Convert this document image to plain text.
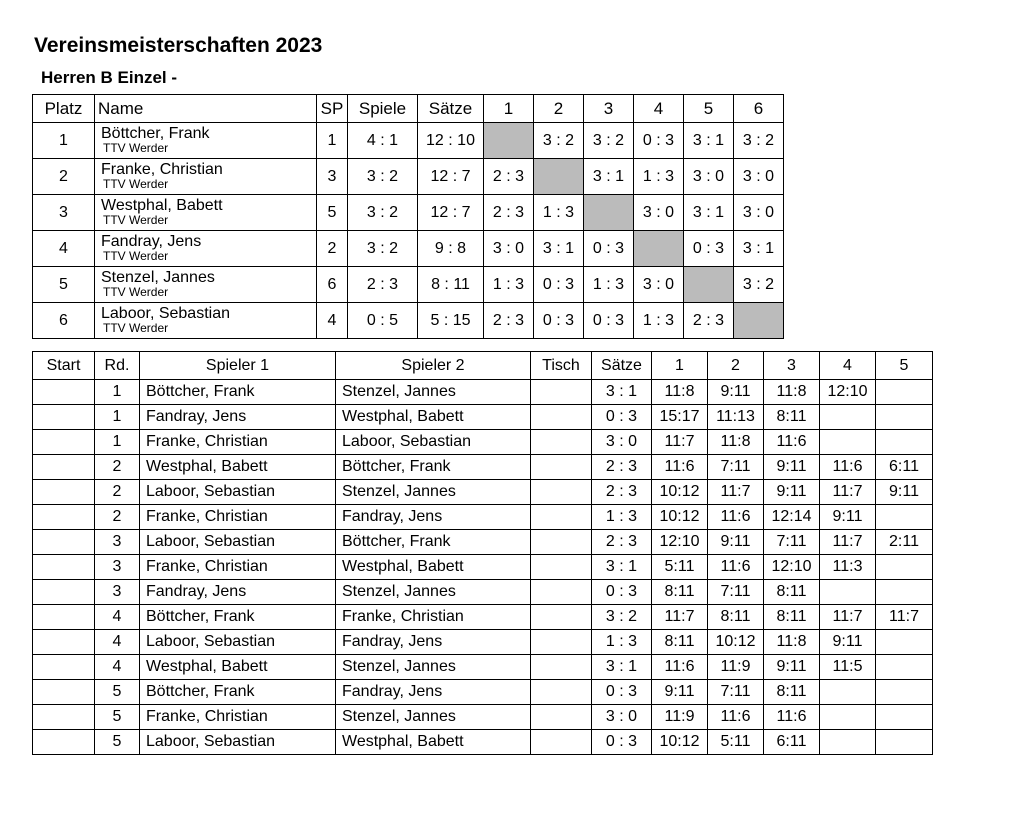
Vereinsmeisterschaften 2023
Herren B Einzel -
Platz	Name	SP	Spiele	Sätze	1	2	3	4	5	6
1	Böttcher, Frank
TTV Werder	1	4 : 1	12 : 10		3 : 2	3 : 2	0 : 3	3 : 1	3 : 2
2	Franke, Christian
TTV Werder	3	3 : 2	12 : 7	2 : 3		3 : 1	1 : 3	3 : 0	3 : 0
3	Westphal, Babett
TTV Werder	5	3 : 2	12 : 7	2 : 3	1 : 3		3 : 0	3 : 1	3 : 0
4	Fandray, Jens
TTV Werder	2	3 : 2	9 : 8	3 : 0	3 : 1	0 : 3		0 : 3	3 : 1
5	Stenzel, Jannes
TTV Werder	6	2 : 3	8 : 11	1 : 3	0 : 3	1 : 3	3 : 0		3 : 2
6	Laboor, Sebastian
TTV Werder	4	0 : 5	5 : 15	2 : 3	0 : 3	0 : 3	1 : 3	2 : 3	
Start	Rd.	Spieler 1	Spieler 2	Tisch	Sätze	1	2	3	4	5
	1	Böttcher, Frank	Stenzel, Jannes		3 : 1	11:8	9:11	11:8	12:10	
	1	Fandray, Jens	Westphal, Babett		0 : 3	15:17	11:13	8:11		
	1	Franke, Christian	Laboor, Sebastian		3 : 0	11:7	11:8	11:6		
	2	Westphal, Babett	Böttcher, Frank		2 : 3	11:6	7:11	9:11	11:6	6:11
	2	Laboor, Sebastian	Stenzel, Jannes		2 : 3	10:12	11:7	9:11	11:7	9:11
	2	Franke, Christian	Fandray, Jens		1 : 3	10:12	11:6	12:14	9:11	
	3	Laboor, Sebastian	Böttcher, Frank		2 : 3	12:10	9:11	7:11	11:7	2:11
	3	Franke, Christian	Westphal, Babett		3 : 1	5:11	11:6	12:10	11:3	
	3	Fandray, Jens	Stenzel, Jannes		0 : 3	8:11	7:11	8:11		
	4	Böttcher, Frank	Franke, Christian		3 : 2	11:7	8:11	8:11	11:7	11:7
	4	Laboor, Sebastian	Fandray, Jens		1 : 3	8:11	10:12	11:8	9:11	
	4	Westphal, Babett	Stenzel, Jannes		3 : 1	11:6	11:9	9:11	11:5	
	5	Böttcher, Frank	Fandray, Jens		0 : 3	9:11	7:11	8:11		
	5	Franke, Christian	Stenzel, Jannes		3 : 0	11:9	11:6	11:6		
	5	Laboor, Sebastian	Westphal, Babett		0 : 3	10:12	5:11	6:11		
